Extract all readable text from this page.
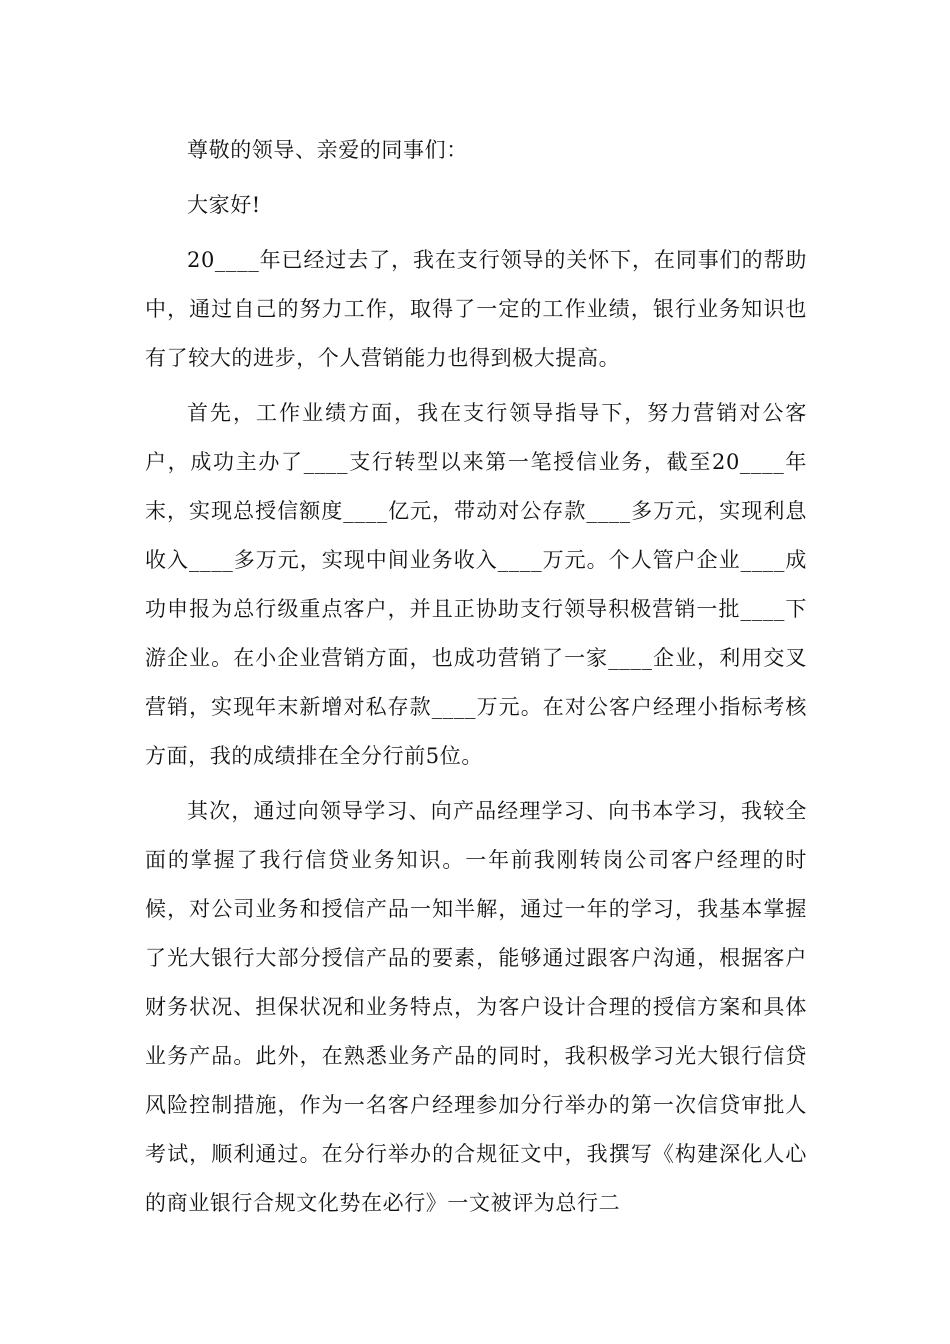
尊敬的领导、亲爱的同事们：

大家好!

20____年已经过去了，我在支行领导的关怀下，在同事们的帮助中，通过自己的努力工作，取得了一定的工作业绩，银行业务知识也有了较大的进步，个人营销能力也得到极大提高。

首先，工作业绩方面，我在支行领导指导下，努力营销对公客户，成功主办了____支行转型以来第一笔授信业务，截至20____年末，实现总授信额度____亿元，带动对公存款____多万元，实现利息收入____多万元，实现中间业务收入____万元。个人管户企业____成功申报为总行级重点客户，并且正协助支行领导积极营销一批____下游企业。在小企业营销方面，也成功营销了一家____企业，利用交叉营销，实现年末新增对私存款____万元。在对公客户经理小指标考核方面，我的成绩排在全分行前5位。

其次，通过向领导学习、向产品经理学习、向书本学习，我较全面的掌握了我行信贷业务知识。一年前我刚转岗公司客户经理的时候，对公司业务和授信产品一知半解，通过一年的学习，我基本掌握了光大银行大部分授信产品的要素，能够通过跟客户沟通，根据客户财务状况、担保状况和业务特点，为客户设计合理的授信方案和具体业务产品。此外，在熟悉业务产品的同时，我积极学习光大银行信贷风险控制措施，作为一名客户经理参加分行举办的第一次信贷审批人考试，顺利通过。在分行举办的合规征文中，我撰写《构建深化人心的商业银行合规文化势在必行》一文被评为总行二
